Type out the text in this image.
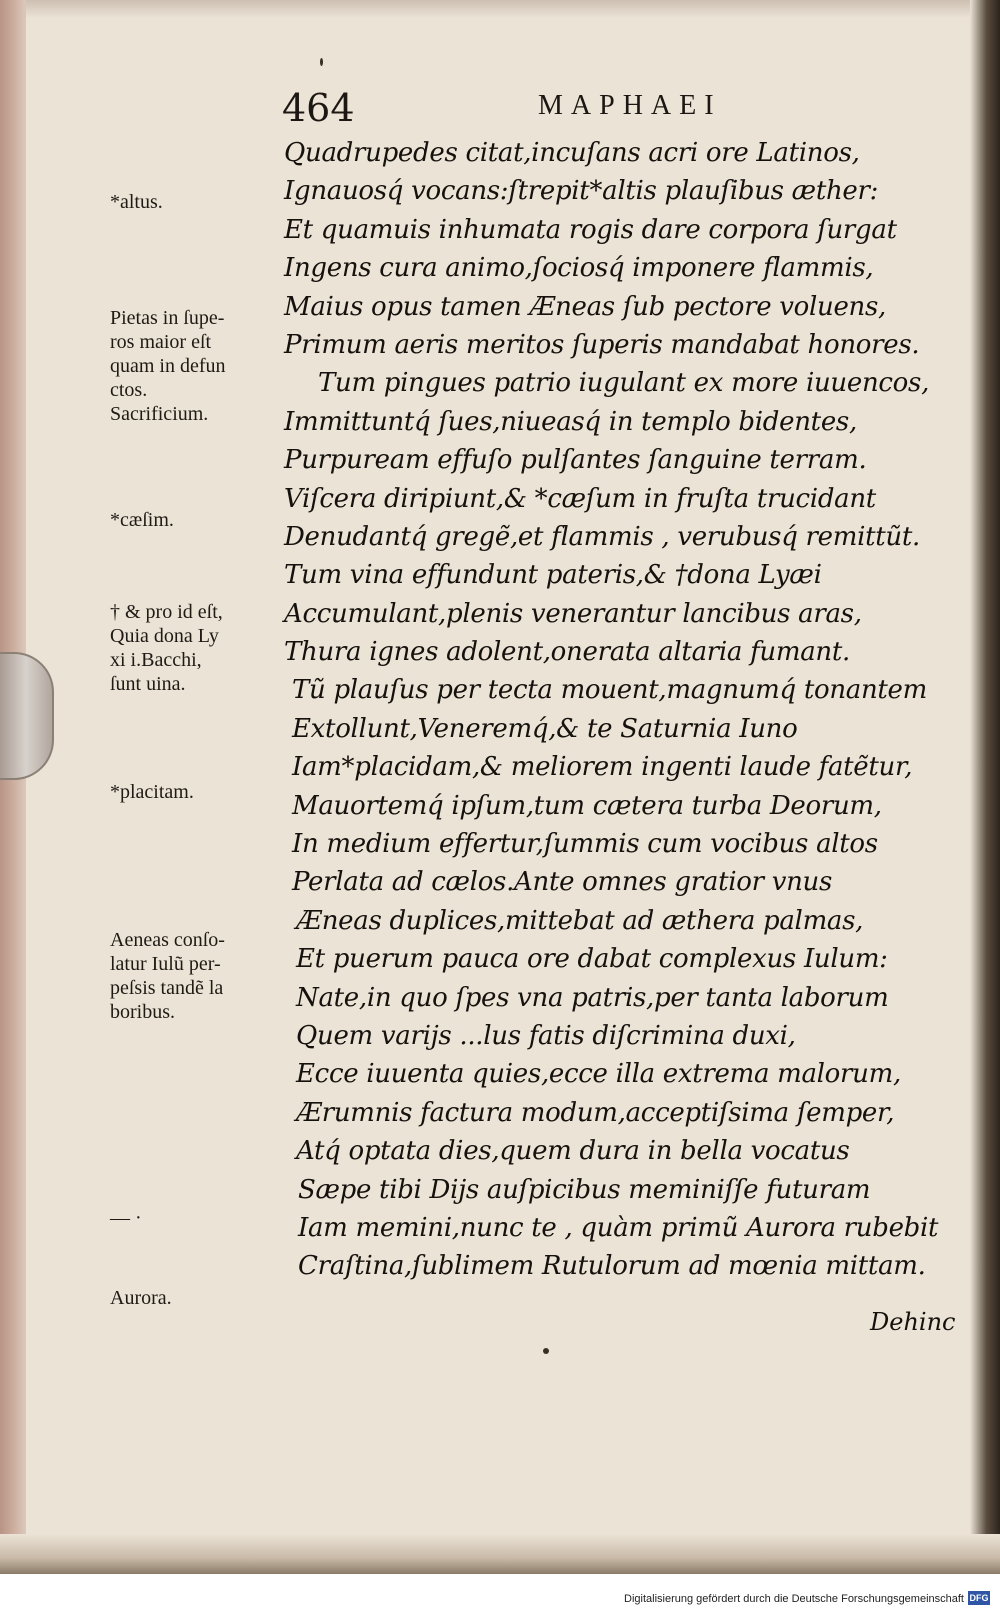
464	MAPHAEI
Quadrupedes citat,incuſans acri ore Latinos,
Ignauosq́ vocans:ſtrepit*altis plauſibus æther:
Et quamuis inhumata rogis dare corpora ſurgat
Ingens cura animo,ſociosq́ imponere flammis,
Maius opus tamen Æneas ſub pectore voluens,
Primum aeris meritos ſuperis mandabat honores.
Tum pingues patrio iugulant ex more iuuencos,
Immittuntq́ ſues,niueasq́ in templo bidentes,
Purpuream effuſo pulſantes ſanguine terram.
Viſcera diripiunt,& *cæſum in fruſta trucidant
Denudantq́ gregẽ,et flammis , verubusq́ remittũt.
Tum vina effundunt pateris,& †dona Lyæi
Accumulant,plenis venerantur lancibus aras,
Thura ignes adolent,onerata altaria fumant.
Tũ plauſus per tecta mouent,magnumq́ tonantem
Extollunt,Veneremq́,& te Saturnia Iuno
Iam*placidam,& meliorem ingenti laude fatẽtur,
Mauortemq́ ipſum,tum cætera turba Deorum,
In medium effertur,ſummis cum vocibus altos
Perlata ad cælos.Ante omnes gratior vnus
Æneas duplices,mittebat ad æthera palmas,
Et puerum pauca ore dabat complexus Iulum:
Nate,in quo ſpes vna patris,per tanta laborum
Quem varijs ...lus fatis diſcrimina duxi,
Ecce iuuenta quies,ecce illa extrema malorum,
Ærumnis factura modum,acceptiſsima ſemper,
Atq́ optata dies,quem dura in bella vocatus
Sæpe tibi Dijs auſpicibus meminiſſe futuram
Iam memini,nunc te , quàm primũ Aurora rubebit
Craſtina,ſublimem Rutulorum ad mœnia mittam.
*altus.
Pietas in ſupe-
ros maior eſt
quam in defun
ctos.
Sacrificium.
*cæſim.
† & pro id eſt,
Quia dona Ly
xi i.Bacchi,
ſunt uina.
*placitam.
Aeneas conſo-
latur Iulũ per-
peſsis tandẽ la
boribus.
— ·
Aurora.
Dehinc
Digitalisierung gefördert durch die Deutsche Forschungsgemeinschaft DFG
